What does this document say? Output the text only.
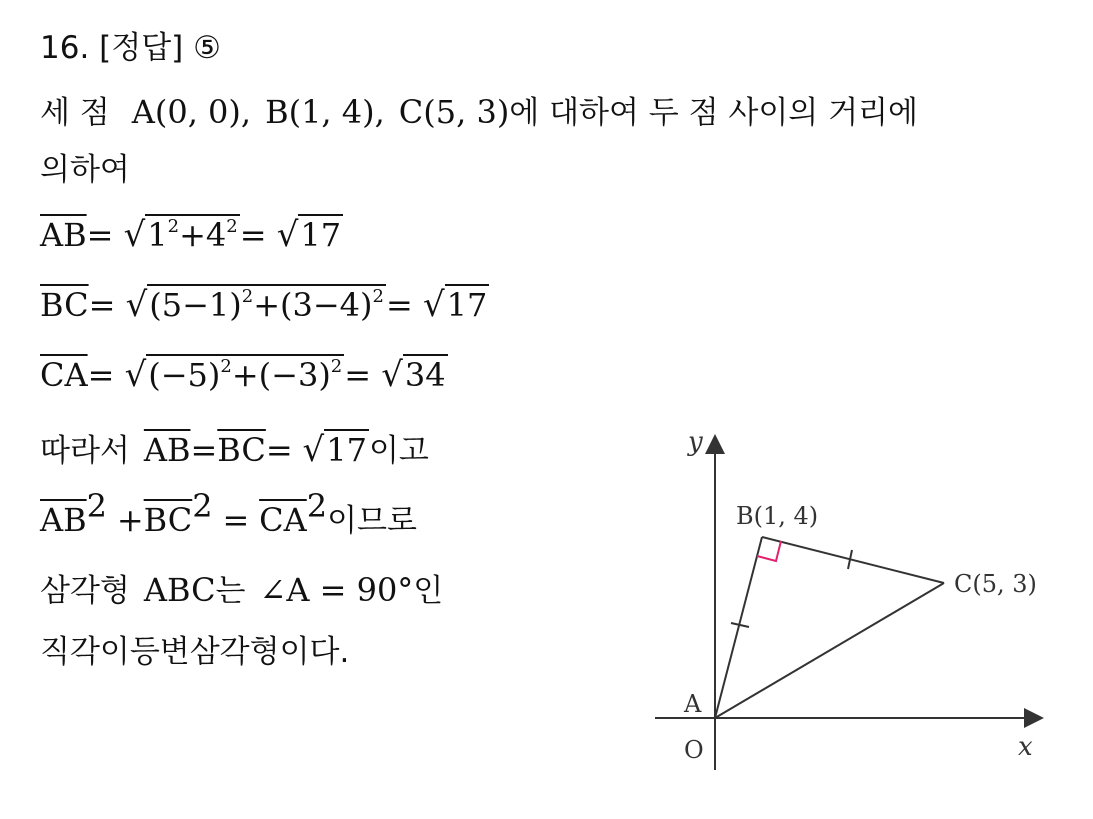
16. [정답] ⑤
세 점 A(0, 0), B(1, 4), C(5, 3)에 대하여 두 점 사이의 거리에
의하여
$\overline{AB}= √1^2+4^2= √17$
$\overline{BC}= √(5-1)^2+(3-4)^2= √17$
$\overline{CA}= √(-5)^2+(-3)^2= √34$
따라서 $\overline{AB}=\overline{BC}= √17$이고
$\overline{AB}^2 +\overline{BC}^2 = \overline{CA}^2$이므로
삼각형 ABC는 ∠A = 90°인
직각이등변삼각형이다.
y
x
B(1, 4)
C(5, 3)
A
O
